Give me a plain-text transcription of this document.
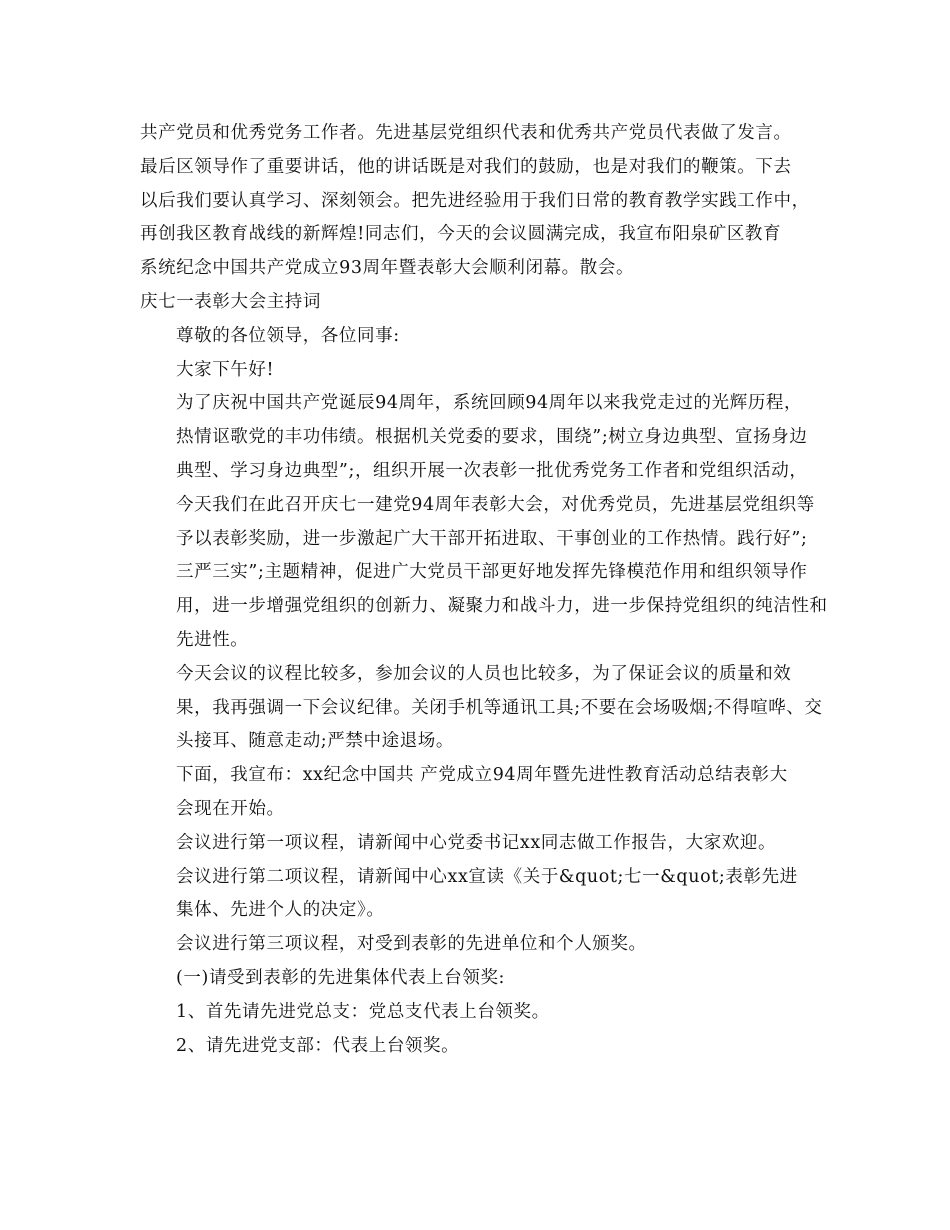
共产党员和优秀党务工作者。先进基层党组织代表和优秀共产党员代表做了发言。
最后区领导作了重要讲话，他的讲话既是对我们的鼓励，也是对我们的鞭策。下去
以后我们要认真学习、深刻领会。把先进经验用于我们日常的教育教学实践工作中，
再创我区教育战线的新辉煌!同志们，今天的会议圆满完成，我宣布阳泉矿区教育
系统纪念中国共产党成立93周年暨表彰大会顺利闭幕。散会。
庆七一表彰大会主持词
尊敬的各位领导，各位同事:
大家下午好!
为了庆祝中国共产党诞辰94周年，系统回顾94周年以来我党走过的光辉历程，
热情讴歌党的丰功伟绩。根据机关党委的要求，围绕”;树立身边典型、宣扬身边
典型、学习身边典型”;，组织开展一次表彰一批优秀党务工作者和党组织活动，
今天我们在此召开庆七一建党94周年表彰大会，对优秀党员，先进基层党组织等
予以表彰奖励，进一步激起广大干部开拓进取、干事创业的工作热情。践行好”;
三严三实”;主题精神，促进广大党员干部更好地发挥先锋模范作用和组织领导作
用，进一步增强党组织的创新力、凝聚力和战斗力，进一步保持党组织的纯洁性和
先进性。
今天会议的议程比较多，参加会议的人员也比较多，为了保证会议的质量和效
果，我再强调一下会议纪律。关闭手机等通讯工具;不要在会场吸烟;不得喧哗、交
头接耳、随意走动;严禁中途退场。
下面，我宣布：xx纪念中国共 产党成立94周年暨先进性教育活动总结表彰大
会现在开始。
会议进行第一项议程，请新闻中心党委书记xx同志做工作报告，大家欢迎。
会议进行第二项议程，请新闻中心xx宣读《关于&quot;七一&quot;表彰先进
集体、先进个人的决定》。
会议进行第三项议程，对受到表彰的先进单位和个人颁奖。
(一)请受到表彰的先进集体代表上台领奖:
1、首先请先进党总支：党总支代表上台领奖。
2、请先进党支部：代表上台领奖。
